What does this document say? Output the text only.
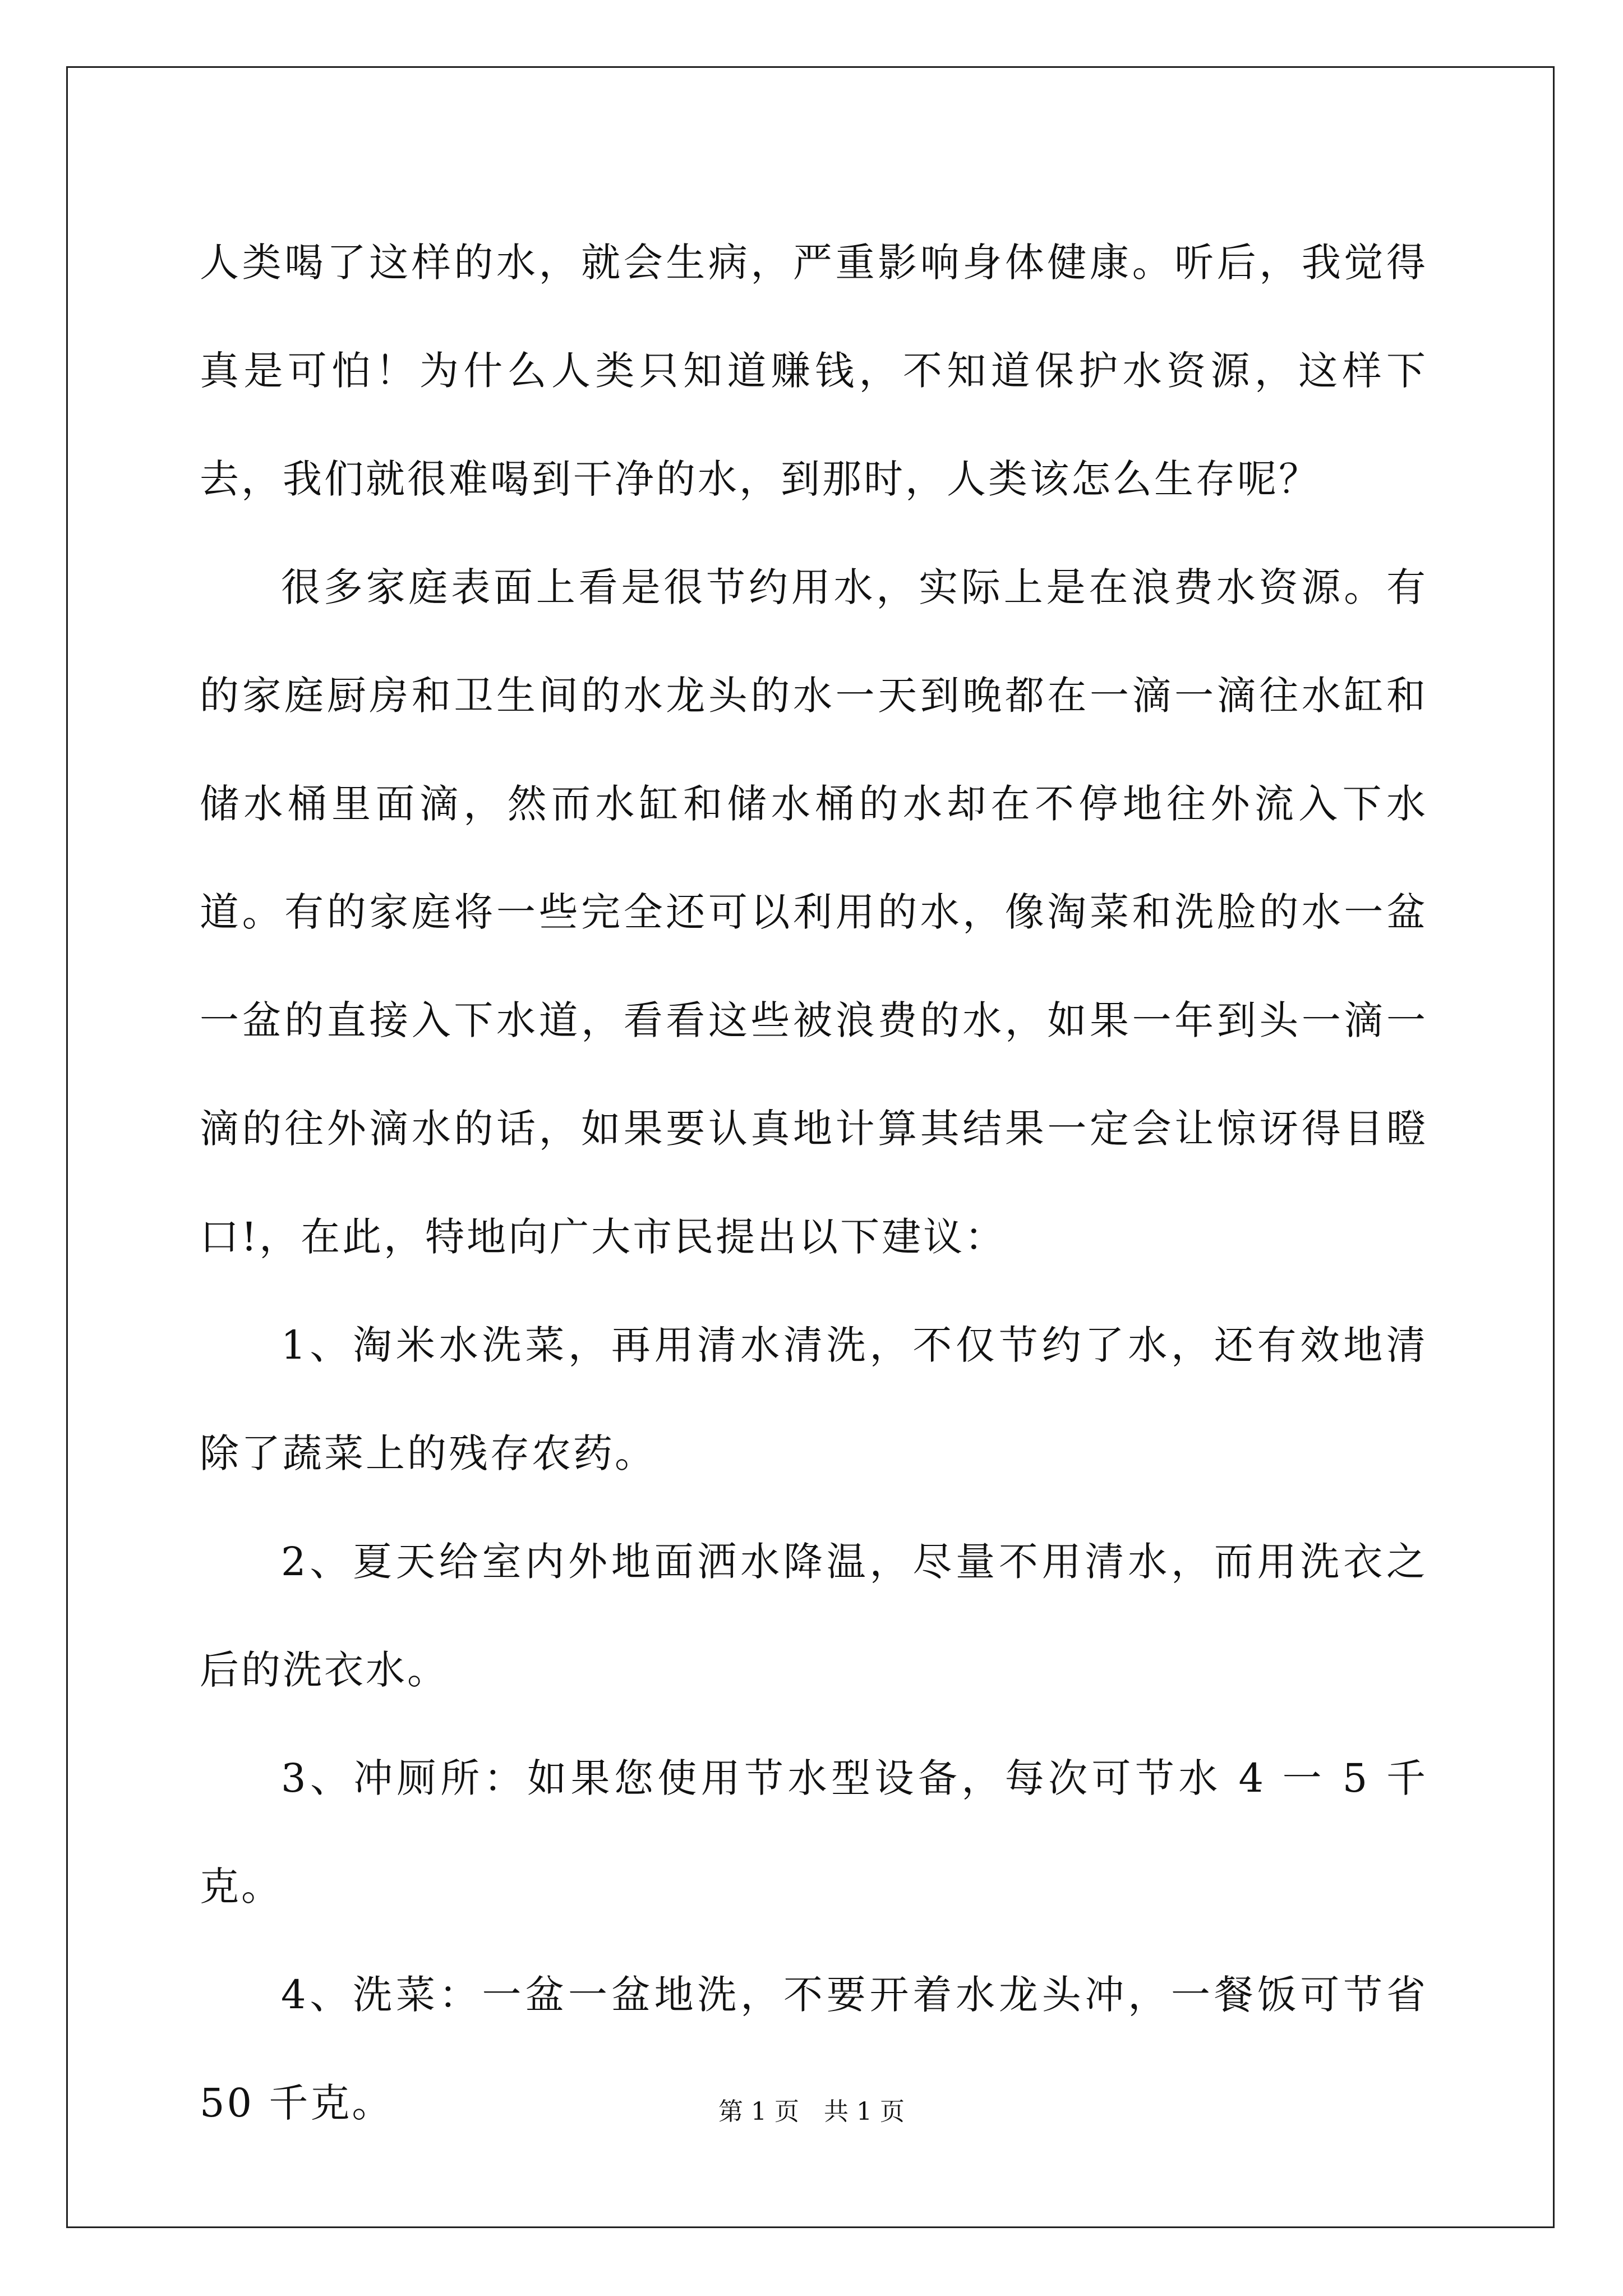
人类喝了这样的水，就会生病，严重影响身体健康。听后，我觉得真是可怕！为什么人类只知道赚钱，不知道保护水资源，这样下去，我们就很难喝到干净的水，到那时，人类该怎么生存呢？

很多家庭表面上看是很节约用水，实际上是在浪费水资源。有的家庭厨房和卫生间的水龙头的水一天到晚都在一滴一滴往水缸和储水桶里面滴，然而水缸和储水桶的水却在不停地往外流入下水道。有的家庭将一些完全还可以利用的水，像淘菜和洗脸的水一盆一盆的直接入下水道，看看这些被浪费的水，如果一年到头一滴一滴的往外滴水的话，如果要认真地计算其结果一定会让惊讶得目瞪口!，在此，特地向广大市民提出以下建议：

1、淘米水洗菜，再用清水清洗，不仅节约了水，还有效地清除了蔬菜上的残存农药。

2、夏天给室内外地面洒水降温，尽量不用清水，而用洗衣之后的洗衣水。

3、冲厕所：如果您使用节水型设备，每次可节水 4 一 5 千克。

4、洗菜：一盆一盆地洗，不要开着水龙头冲，一餐饭可节省 50 千克。	第 1 页　共 1 页
